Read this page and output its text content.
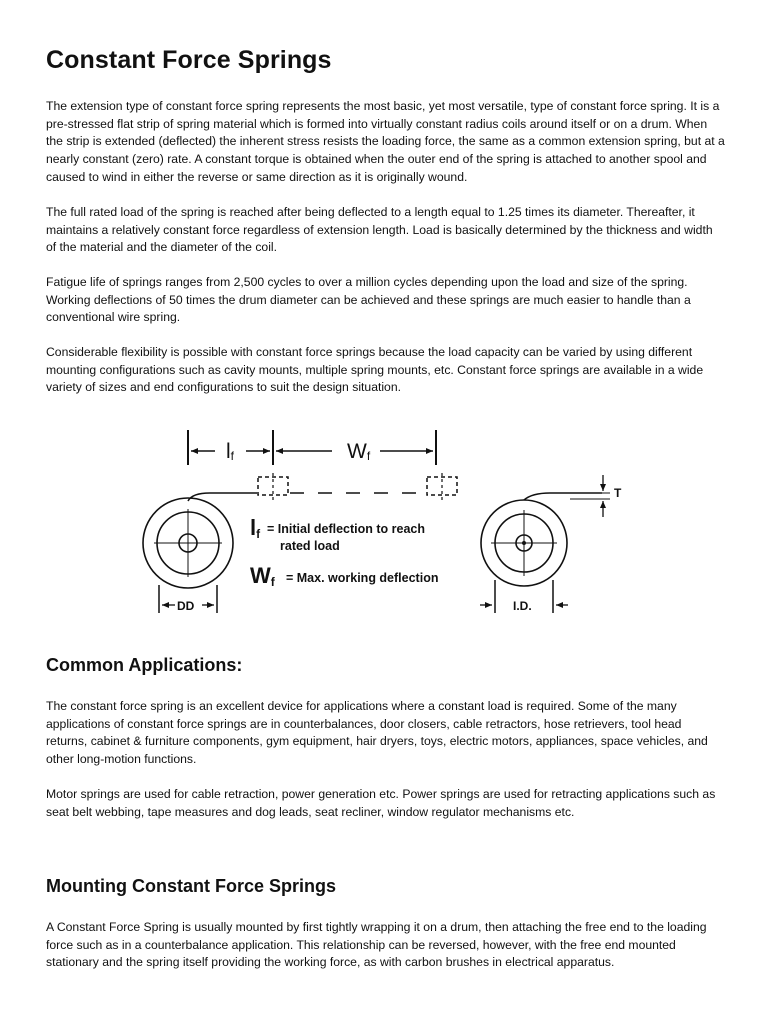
Constant Force Springs

The extension type of constant force spring represents the most basic, yet most versatile, type of constant force spring. It is a pre-stressed flat strip of spring material which is formed into virtually constant radius coils around itself or on a drum. When the strip is extended (deflected) the inherent stress resists the loading force, the same as a common extension spring, but at a nearly constant (zero) rate. A constant torque is obtained when the outer end of the spring is attached to another spool and caused to wind in either the reverse or same direction as it is originally wound.

The full rated load of the spring is reached after being deflected to a length equal to 1.25 times its diameter. Thereafter, it maintains a relatively constant force regardless of extension length. Load is basically determined by the thickness and width of the material and the diameter of the coil.

Fatigue life of springs ranges from 2,500 cycles to over a million cycles depending upon the load and size of the spring. Working deflections of 50 times the drum diameter can be achieved and these springs are much easier to handle than a conventional wire spring.

Considerable flexibility is possible with constant force springs because the load capacity can be varied by using different mounting configurations such as cavity mounts, multiple spring mounts, etc. Constant force springs are available in a wide variety of sizes and end configurations to suit the design situation.

lf	Wf
DD
lf = Initial deflection to reach
rated load
Wf = Max. working deflection
T
I.D.
Common Applications:

The constant force spring is an excellent device for applications where a constant load is required. Some of the many applications of constant force springs are in counterbalances, door closers, cable retractors, hose retrievers, tool head returns, cabinet & furniture components, gym equipment, hair dryers, toys, electric motors, appliances, space vehicles, and other long-motion functions.

Motor springs are used for cable retraction, power generation etc. Power springs are used for retracting applications such as seat belt webbing, tape measures and dog leads, seat recliner, window regulator mechanisms etc.

Mounting Constant Force Springs

A Constant Force Spring is usually mounted by first tightly wrapping it on a drum, then attaching the free end to the loading force such as in a counterbalance application. This relationship can be reversed, however, with the free end mounted stationary and the spring itself providing the working force, as with carbon brushes in electrical apparatus.
